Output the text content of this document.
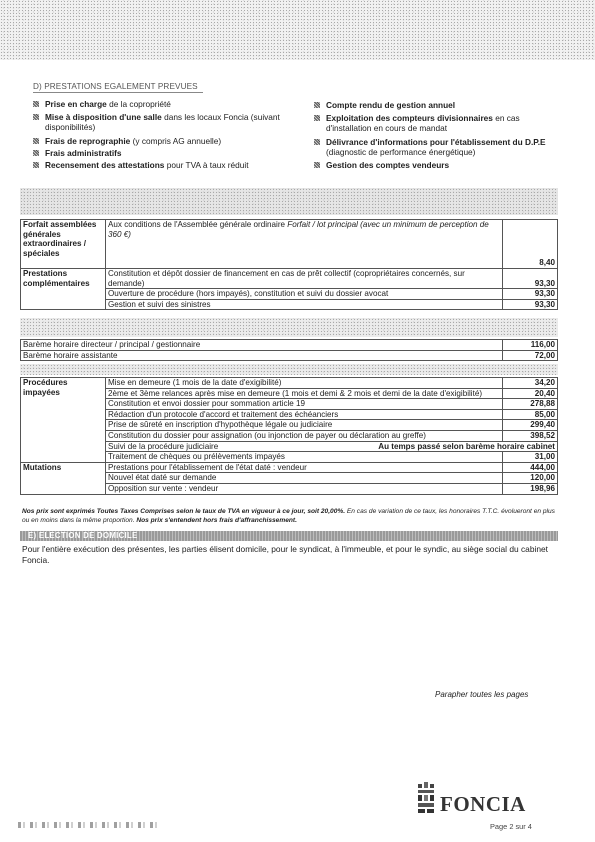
D) PRESTATIONS EGALEMENT PREVUES
Prise en charge de la copropriété
Mise à disposition d'une salle dans les locaux Foncia (suivant disponibilités)
Frais de reprographie (y compris AG annuelle)
Frais administratifs
Recensement des attestations pour TVA à taux réduit
Compte rendu de gestion annuel
Exploitation des compteurs divisionnaires en cas d'installation en cours de mandat
Délivrance d'informations pour l'établissement du D.P.E (diagnostic de performance énergétique)
Gestion des comptes vendeurs
Forfait assemblées générales extraordinaires / spéciales	Aux conditions de l'Assemblée générale ordinaire Forfait / lot principal (avec un minimum de perception de 360 €)	8,40
Prestations complémentaires	Constitution et dépôt dossier de financement en cas de prêt collectif (copropriétaires concernés, sur demande)	93,30
	Ouverture de procédure (hors impayés), constitution et suivi du dossier avocat	93,30
	Gestion et suivi des sinistres	93,30
Barème horaire directeur / principal / gestionnaire	116,00
Barème horaire assistante	72,00
Procédures impayées	Mise en demeure (1 mois de la date d'exigibilité)	34,20
	2ème et 3ème relances après mise en demeure (1 mois et demi & 2 mois et demi de la date d'exigibilité)	20,40
	Constitution et envoi dossier pour sommation article 19	278,88
	Rédaction d'un protocole d'accord et traitement des échéanciers	85,00
	Prise de sûreté en inscription d'hypothèque légale ou judiciaire	299,40
	Constitution du dossier pour assignation (ou injonction de payer ou déclaration au greffe)	398,52
	Suivi de la procédure judiciaire Au temps passé selon barème horaire cabinet	

	Traitement de chèques ou prélèvements impayés	31,00
Mutations	Prestations pour l'établissement de l'état daté : vendeur	444,00
	Nouvel état daté sur demande	120,00
	Opposition sur vente : vendeur	198,96
Nos prix sont exprimés Toutes Taxes Comprises selon le taux de TVA en vigueur à ce jour, soit 20,00%. En cas de variation de ce taux, les honoraires T.T.C. évolueront en plus ou en moins dans la même proportion. Nos prix s'entendent hors frais d'affranchissement.
E) ELECTION DE DOMICILE
Pour l'entière exécution des présentes, les parties élisent domicile, pour le syndicat, à l'immeuble, et pour le syndic, au siège social du cabinet Foncia.
Parapher toutes les pages
FONCIA
Page 2 sur 4
